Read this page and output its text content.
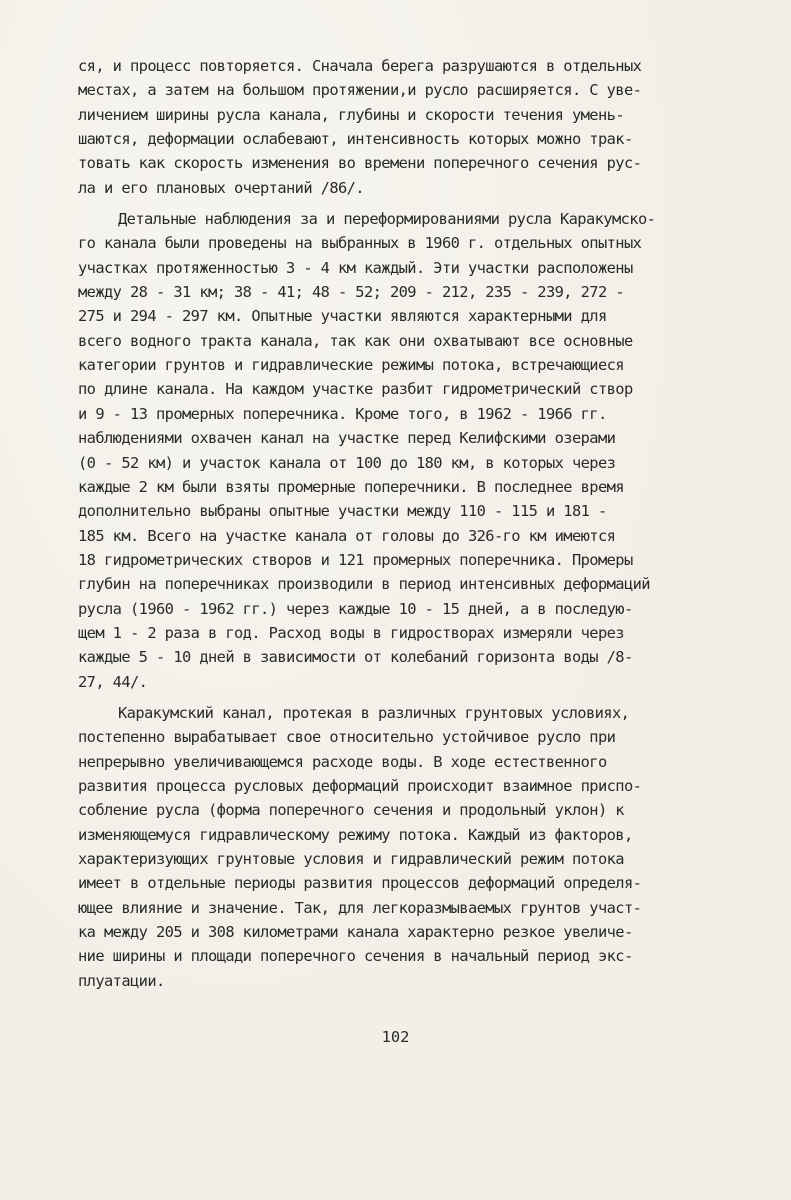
ся, и процесс повторяется. Сначала берега разрушаются в отдельных
местах, а затем на большом протяжении,и русло расширяется. С уве-
личением ширины русла канала, глубины и скорости течения умень-
шаются, деформации ослабевают, интенсивность которых можно трак-
товать как скорость изменения во времени поперечного сечения рус-
ла и его плановых очертаний /86/.
Детальные наблюдения за и переформированиями русла Каракумско-
го канала были проведены на выбранных в 1960 г. отдельных опытных
участках протяженностью 3 - 4 км каждый. Эти участки расположены
между 28 - 31 км; 38 - 41; 48 - 52; 209 - 212, 235 - 239, 272 -
275 и 294 - 297 км. Опытные участки являются характерными для
всего водного тракта канала, так как они охватывают все основные
категории грунтов и гидравлические режимы потока, встречающиеся
по длине канала. На каждом участке разбит гидрометрический створ
и 9 - 13 промерных поперечника. Кроме того, в 1962 - 1966 гг.
наблюдениями охвачен канал на участке перед Келифскими озерами
(0 - 52 км) и участок канала от 100 до 180 км, в которых через
каждые 2 км были взяты промерные поперечники. В последнее время
дополнительно выбраны опытные участки между 110 - 115 и 181 -
185 км. Всего на участке канала от головы до 326-го км имеются
18 гидрометрических створов и 121 промерных поперечника. Промеры
глубин на поперечниках производили в период интенсивных деформаций
русла (1960 - 1962 гг.) через каждые 10 - 15 дней, а в последую-
щем 1 - 2 раза в год. Расход воды в гидростворах измеряли через
каждые 5 - 10 дней в зависимости от колебаний горизонта воды /8-
27, 44/.
Каракумский канал, протекая в различных грунтовых условиях,
постепенно вырабатывает свое относительно устойчивое русло при
непрерывно увеличивающемся расходе воды. В ходе естественного
развития процесса русловых деформаций происходит взаимное приспо-
собление русла (форма поперечного сечения и продольный уклон) к
изменяющемуся гидравлическому режиму потока. Каждый из факторов,
характеризующих грунтовые условия и гидравлический режим потока
имеет в отдельные периоды развития процессов деформаций определя-
ющее влияние и значение. Так, для легкоразмываемых грунтов участ-
ка между 205 и 308 километрами канала характерно резкое увеличе-
ние ширины и площади поперечного сечения в начальный период экс-
плуатации.
102
